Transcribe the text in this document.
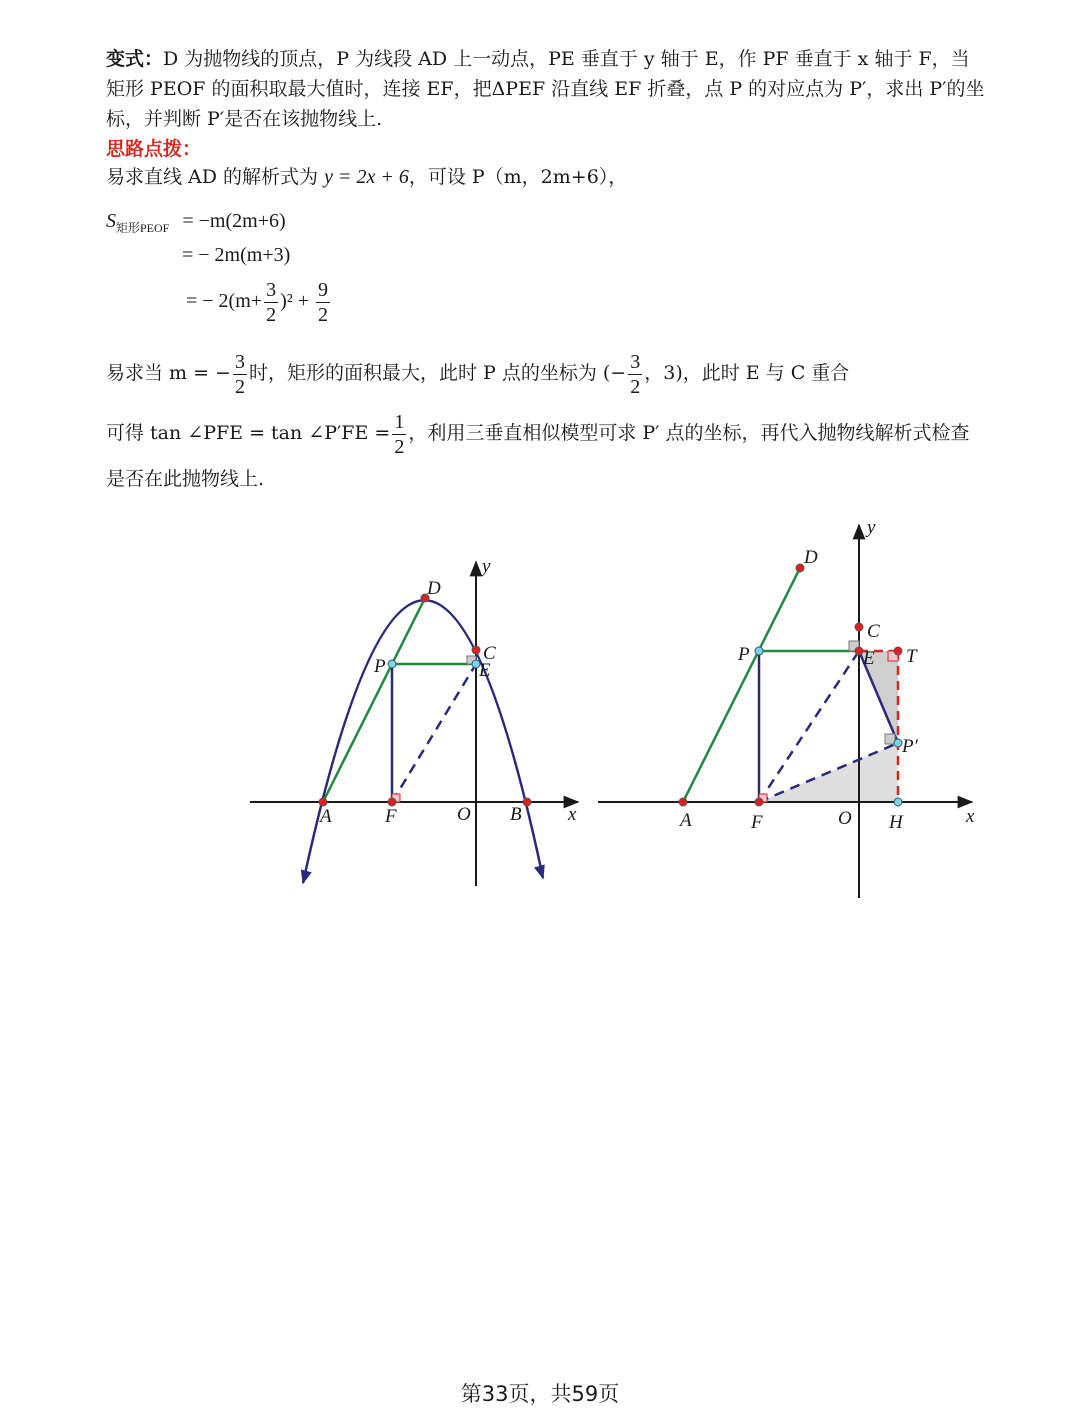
变式：D 为抛物线的顶点，P 为线段 AD 上一动点，PE 垂直于 y 轴于 E，作 PF 垂直于 x 轴于 F，当
矩形 PEOF 的面积取最大值时，连接 EF，把ΔPEF 沿直线 EF 折叠，点 P 的对应点为 P′，求出 P′的坐
标，并判断 P′是否在该抛物线上.
思路点拨：
易求直线 AD 的解析式为 y = 2x + 6，可设 P（m，2m+6），
$S_{矩形PEOF} = -m(2m+6)$
= − 2m(m+3)
= − $2(m+ \frac{3}{2} )^2 + \frac{9}{2}$
易求当 m = − $\frac{3}{2}$ 时，矩形的面积最大，此时 P 点的坐标为 (− $\frac{3}{2}$ ，3)，此时 E 与 C 重合
可得 tan ∠PFE = tan ∠P′FE = $\frac{1}{2}$ ，利用三垂直相似模型可求 P′ 点的坐标，再代入抛物线解析式检查
是否在此抛物线上.
A	F	O B x
y
D
C
E
P
A	F	O H	x
y
D
C
E T
P′
P
第33页，共59页
